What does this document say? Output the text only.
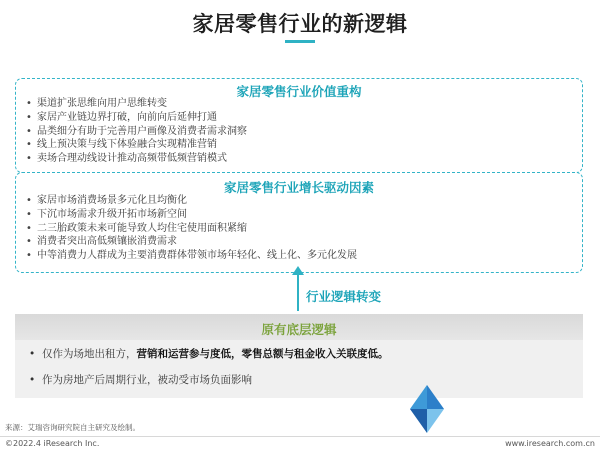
家居零售行业的新逻辑
家居零售行业价值重构
• 渠道扩张思维向用户思维转变
• 家居产业链边界打破，向前向后延伸打通
• 品类细分有助于完善用户画像及消费者需求洞察
• 线上预决策与线下体验融合实现精准营销
• 卖场合理动线设计推动高频带低频营销模式
家居零售行业增长驱动因素
• 家居市场消费场景多元化且均衡化
• 下沉市场需求升级开拓市场新空间
• 二三胎政策未来可能导致人均住宅使用面积紧缩
• 消费者突出高低频镶嵌消费需求
• 中等消费力人群成为主要消费群体带领市场年轻化、线上化、多元化发展
行业逻辑转变
原有底层逻辑
• 仅作为场地出租方，营销和运营参与度低，零售总额与租金收入关联度低。
• 作为房地产后周期行业，被动受市场负面影响
来源：艾瑞咨询研究院自主研究及绘制。
©2022.4 iResearch Inc.	www.iresearch.com.cn
